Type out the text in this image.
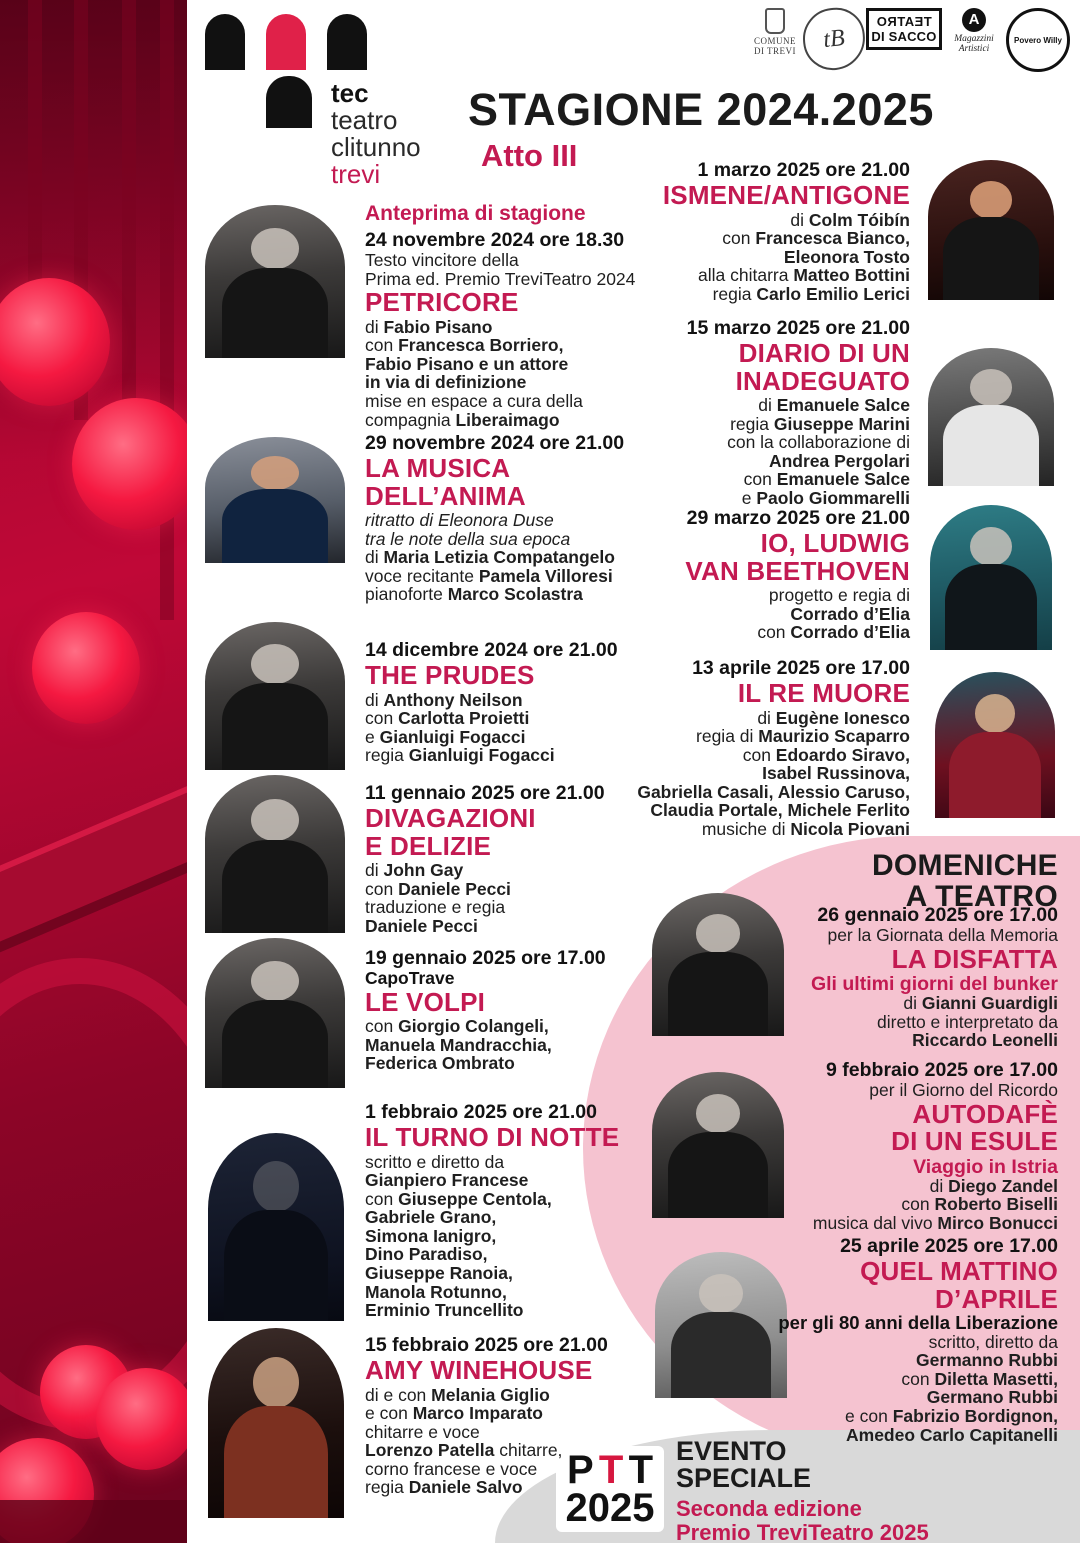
tec
teatro
clitunno
trevi
STAGIONE 2024.2025
Atto III
COMUNE DI TREVI tB
TEATRO
DI SACCO
A
Magazzini Artistici
Povero Willy
Anteprima di stagione
24 novembre 2024 ore 18.30
Testo vincitore della
Prima ed. Premio TreviTeatro 2024
PETRICORE
di Fabio Pisano
con Francesca Borriero,
Fabio Pisano e un attore
in via di definizione
mise en espace a cura della
compagnia Liberaimago
29 novembre 2024 ore 21.00
LA MUSICA
DELL’ANIMA
ritratto di Eleonora Duse
tra le note della sua epoca
di Maria Letizia Compatangelo
voce recitante Pamela Villoresi
pianoforte Marco Scolastra
14 dicembre 2024 ore 21.00
THE PRUDES
di Anthony Neilson
con Carlotta Proietti
e Gianluigi Fogacci
regia Gianluigi Fogacci
11 gennaio 2025 ore 21.00
DIVAGAZIONI
E DELIZIE
di John Gay
con Daniele Pecci
traduzione e regia
Daniele Pecci
19 gennaio 2025 ore 17.00
CapoTrave
LE VOLPI
con Giorgio Colangeli,
Manuela Mandracchia,
Federica Ombrato
1 febbraio 2025 ore 21.00
IL TURNO DI NOTTE
scritto e diretto da
Gianpiero Francese
con Giuseppe Centola,
Gabriele Grano,
Simona Ianigro,
Dino Paradiso,
Giuseppe Ranoia,
Manola Rotunno,
Erminio Truncellito
15 febbraio 2025 ore 21.00
AMY WINEHOUSE
di e con Melania Giglio
e con Marco Imparato
chitarre e voce
Lorenzo Patella chitarre,
corno francese e voce
regia Daniele Salvo
1 marzo 2025 ore 21.00
ISMENE/ANTIGONE
di Colm Tóibín
con Francesca Bianco,
Eleonora Tosto
alla chitarra Matteo Bottini
regia Carlo Emilio Lerici
15 marzo 2025 ore 21.00
DIARIO DI UN
INADEGUATO
di Emanuele Salce
regia Giuseppe Marini
con la collaborazione di
Andrea Pergolari
con Emanuele Salce
e Paolo Giommarelli
29 marzo 2025 ore 21.00
IO, LUDWIG
VAN BEETHOVEN
progetto e regia di
Corrado d’Elia
con Corrado d’Elia
13 aprile 2025 ore 17.00
IL RE MUORE
di Eugène Ionesco
regia di Maurizio Scaparro
con Edoardo Siravo,
Isabel Russinova,
Gabriella Casali, Alessio Caruso,
Claudia Portale, Michele Ferlito
musiche di Nicola Piovani
DOMENICHE
A TEATRO
26 gennaio 2025 ore 17.00
per la Giornata della Memoria
LA DISFATTA
Gli ultimi giorni del bunker
di Gianni Guardigli
diretto e interpretato da
Riccardo Leonelli
9 febbraio 2025 ore 17.00
per il Giorno del Ricordo
AUTODAFÈ
DI UN ESULE
Viaggio in Istria
di Diego Zandel
con Roberto Biselli
musica dal vivo Mirco Bonucci
25 aprile 2025 ore 17.00
QUEL MATTINO
D’APRILE
per gli 80 anni della Liberazione
scritto, diretto da
Germanno Rubbi
con Diletta Masetti,
Germano Rubbi
e con Fabrizio Bordignon,
Amedeo Carlo Capitanelli
P T T
2025
EVENTO
SPECIALE
Seconda edizione
Premio TreviTeatro 2025
